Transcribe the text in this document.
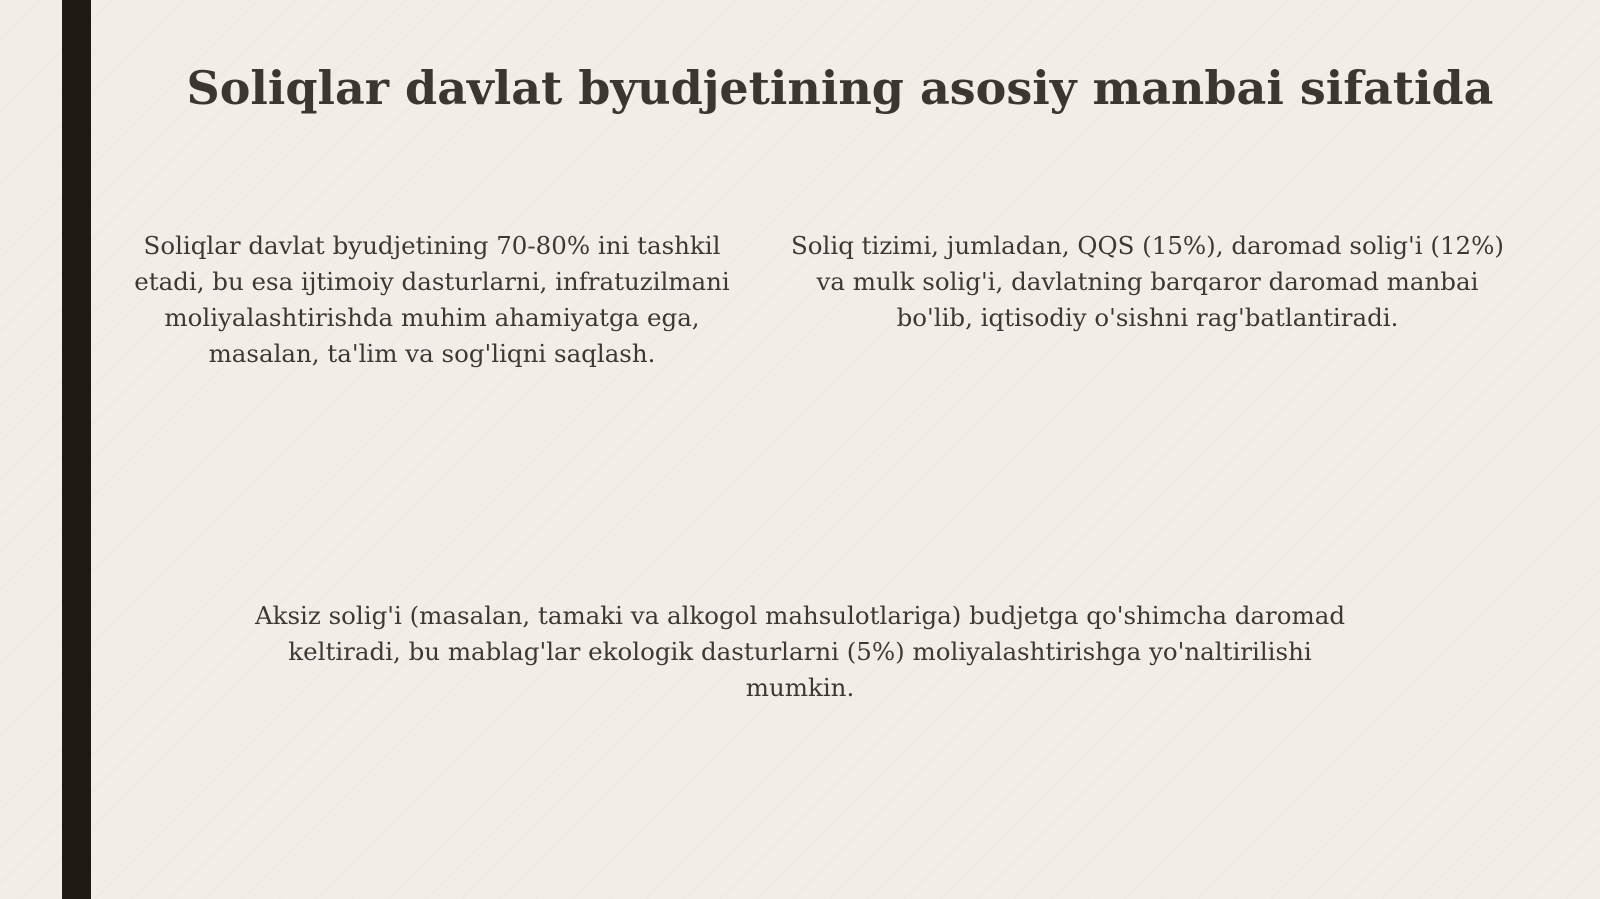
Soliqlar davlat byudjetining asosiy manbai sifatida
Soliqlar davlat byudjetining 70-80% ini tashkil etadi, bu esa ijtimoiy dasturlarni, infratuzilmani moliyalashtirishda muhim ahamiyatga ega, masalan, ta'lim va sog'liqni saqlash.
Soliq tizimi, jumladan, QQS (15%), daromad solig'i (12%) va mulk solig'i, davlatning barqaror daromad manbai bo'lib, iqtisodiy o'sishni rag'batlantiradi.
Aksiz solig'i (masalan, tamaki va alkogol mahsulotlariga) budjetga qo'shimcha daromad keltiradi, bu mablag'lar ekologik dasturlarni (5%) moliyalashtirishga yo'naltirilishi mumkin.
